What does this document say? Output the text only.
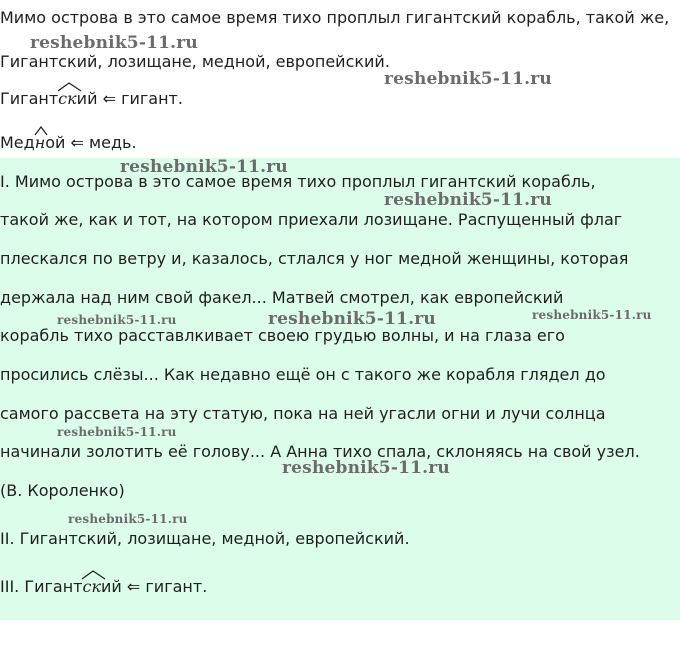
Мимо острова в это самое время тихо проплыл гигантский корабль, такой же,
Гигантский, лозищане, медной, европейский.
Гигант
ский ⇐ гигант.
Мед
ной ⇐ медь.
I. Мимо острова в это самое время тихо проплыл гигантский корабль,
такой же, как и тот, на котором приехали лозищане. Распущенный флаг
плескался по ветру и, казалось, стлался у ног медной женщины, которая
держала над ним свой факел... Матвей смотрел, как европейский
корабль тихо расставлкивает своею грудью волны, и на глаза его
просились слёзы... Как недавно ещё он с такого же корабля глядел до
самого рассвета на эту статую, пока на ней угасли огни и лучи солнца
начинали золотить её голову... А Анна тихо спала, склоняясь на свой узел.
(В. Короленко)
II. Гигантский, лозищане, медной, европейский.
III. Гигант
ский ⇐ гигант.
reshebnik5-11.ru
reshebnik5-11.ru
reshebnik5-11.ru
reshebnik5-11.ru
reshebnik5-11.ru	reshebnik5-11.ru	reshebnik5-11.ru
reshebnik5-11.ru
reshebnik5-11.ru
reshebnik5-11.ru
